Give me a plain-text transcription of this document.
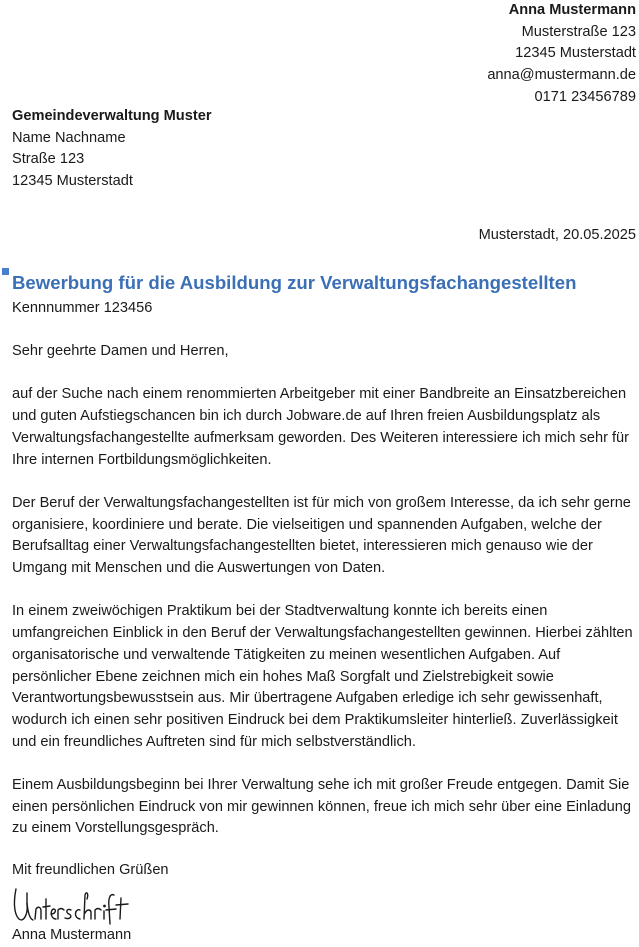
Anna Mustermann
Musterstraße 123
12345 Musterstadt
anna@mustermann.de
0171 23456789
Gemeindeverwaltung Muster
Name Nachname
Straße 123
12345 Musterstadt
Musterstadt, 20.05.2025
Bewerbung für die Ausbildung zur Verwaltungsfachangestellten
Kennnummer 123456

Sehr geehrte Damen und Herren,

auf der Suche nach einem renommierten Arbeitgeber mit einer Bandbreite an Einsatzbereichen und guten Aufstiegschancen bin ich durch Jobware.de auf Ihren freien Ausbildungsplatz als Verwaltungsfachangestellte aufmerksam geworden. Des Weiteren interessiere ich mich sehr für Ihre internen Fortbildungsmöglichkeiten.

Der Beruf der Verwaltungsfachangestellten ist für mich von großem Interesse, da ich sehr gerne organisiere, koordiniere und berate. Die vielseitigen und spannenden Aufgaben, welche der Berufsalltag einer Verwaltungsfachangestellten bietet, interessieren mich genauso wie der Umgang mit Menschen und die Auswertungen von Daten.

In einem zweiwöchigen Praktikum bei der Stadtverwaltung konnte ich bereits einen umfangreichen Einblick in den Beruf der Verwaltungsfachangestellten gewinnen. Hierbei zählten organisatorische und verwaltende Tätigkeiten zu meinen wesentlichen Aufgaben. Auf persönlicher Ebene zeichnen mich ein hohes Maß Sorgfalt und Zielstrebigkeit sowie Verantwortungsbewusstsein aus. Mir übertragene Aufgaben erledige ich sehr gewissenhaft, wodurch ich einen sehr positiven Eindruck bei dem Praktikumsleiter hinterließ. Zuverlässigkeit und ein freundliches Auftreten sind für mich selbstverständlich.

Einem Ausbildungsbeginn bei Ihrer Verwaltung sehe ich mit großer Freude entgegen. Damit Sie einen persönlichen Eindruck von mir gewinnen können, freue ich mich sehr über eine Einladung zu einem Vorstellungsgespräch.

Mit freundlichen Grüßen
Anna Mustermann
